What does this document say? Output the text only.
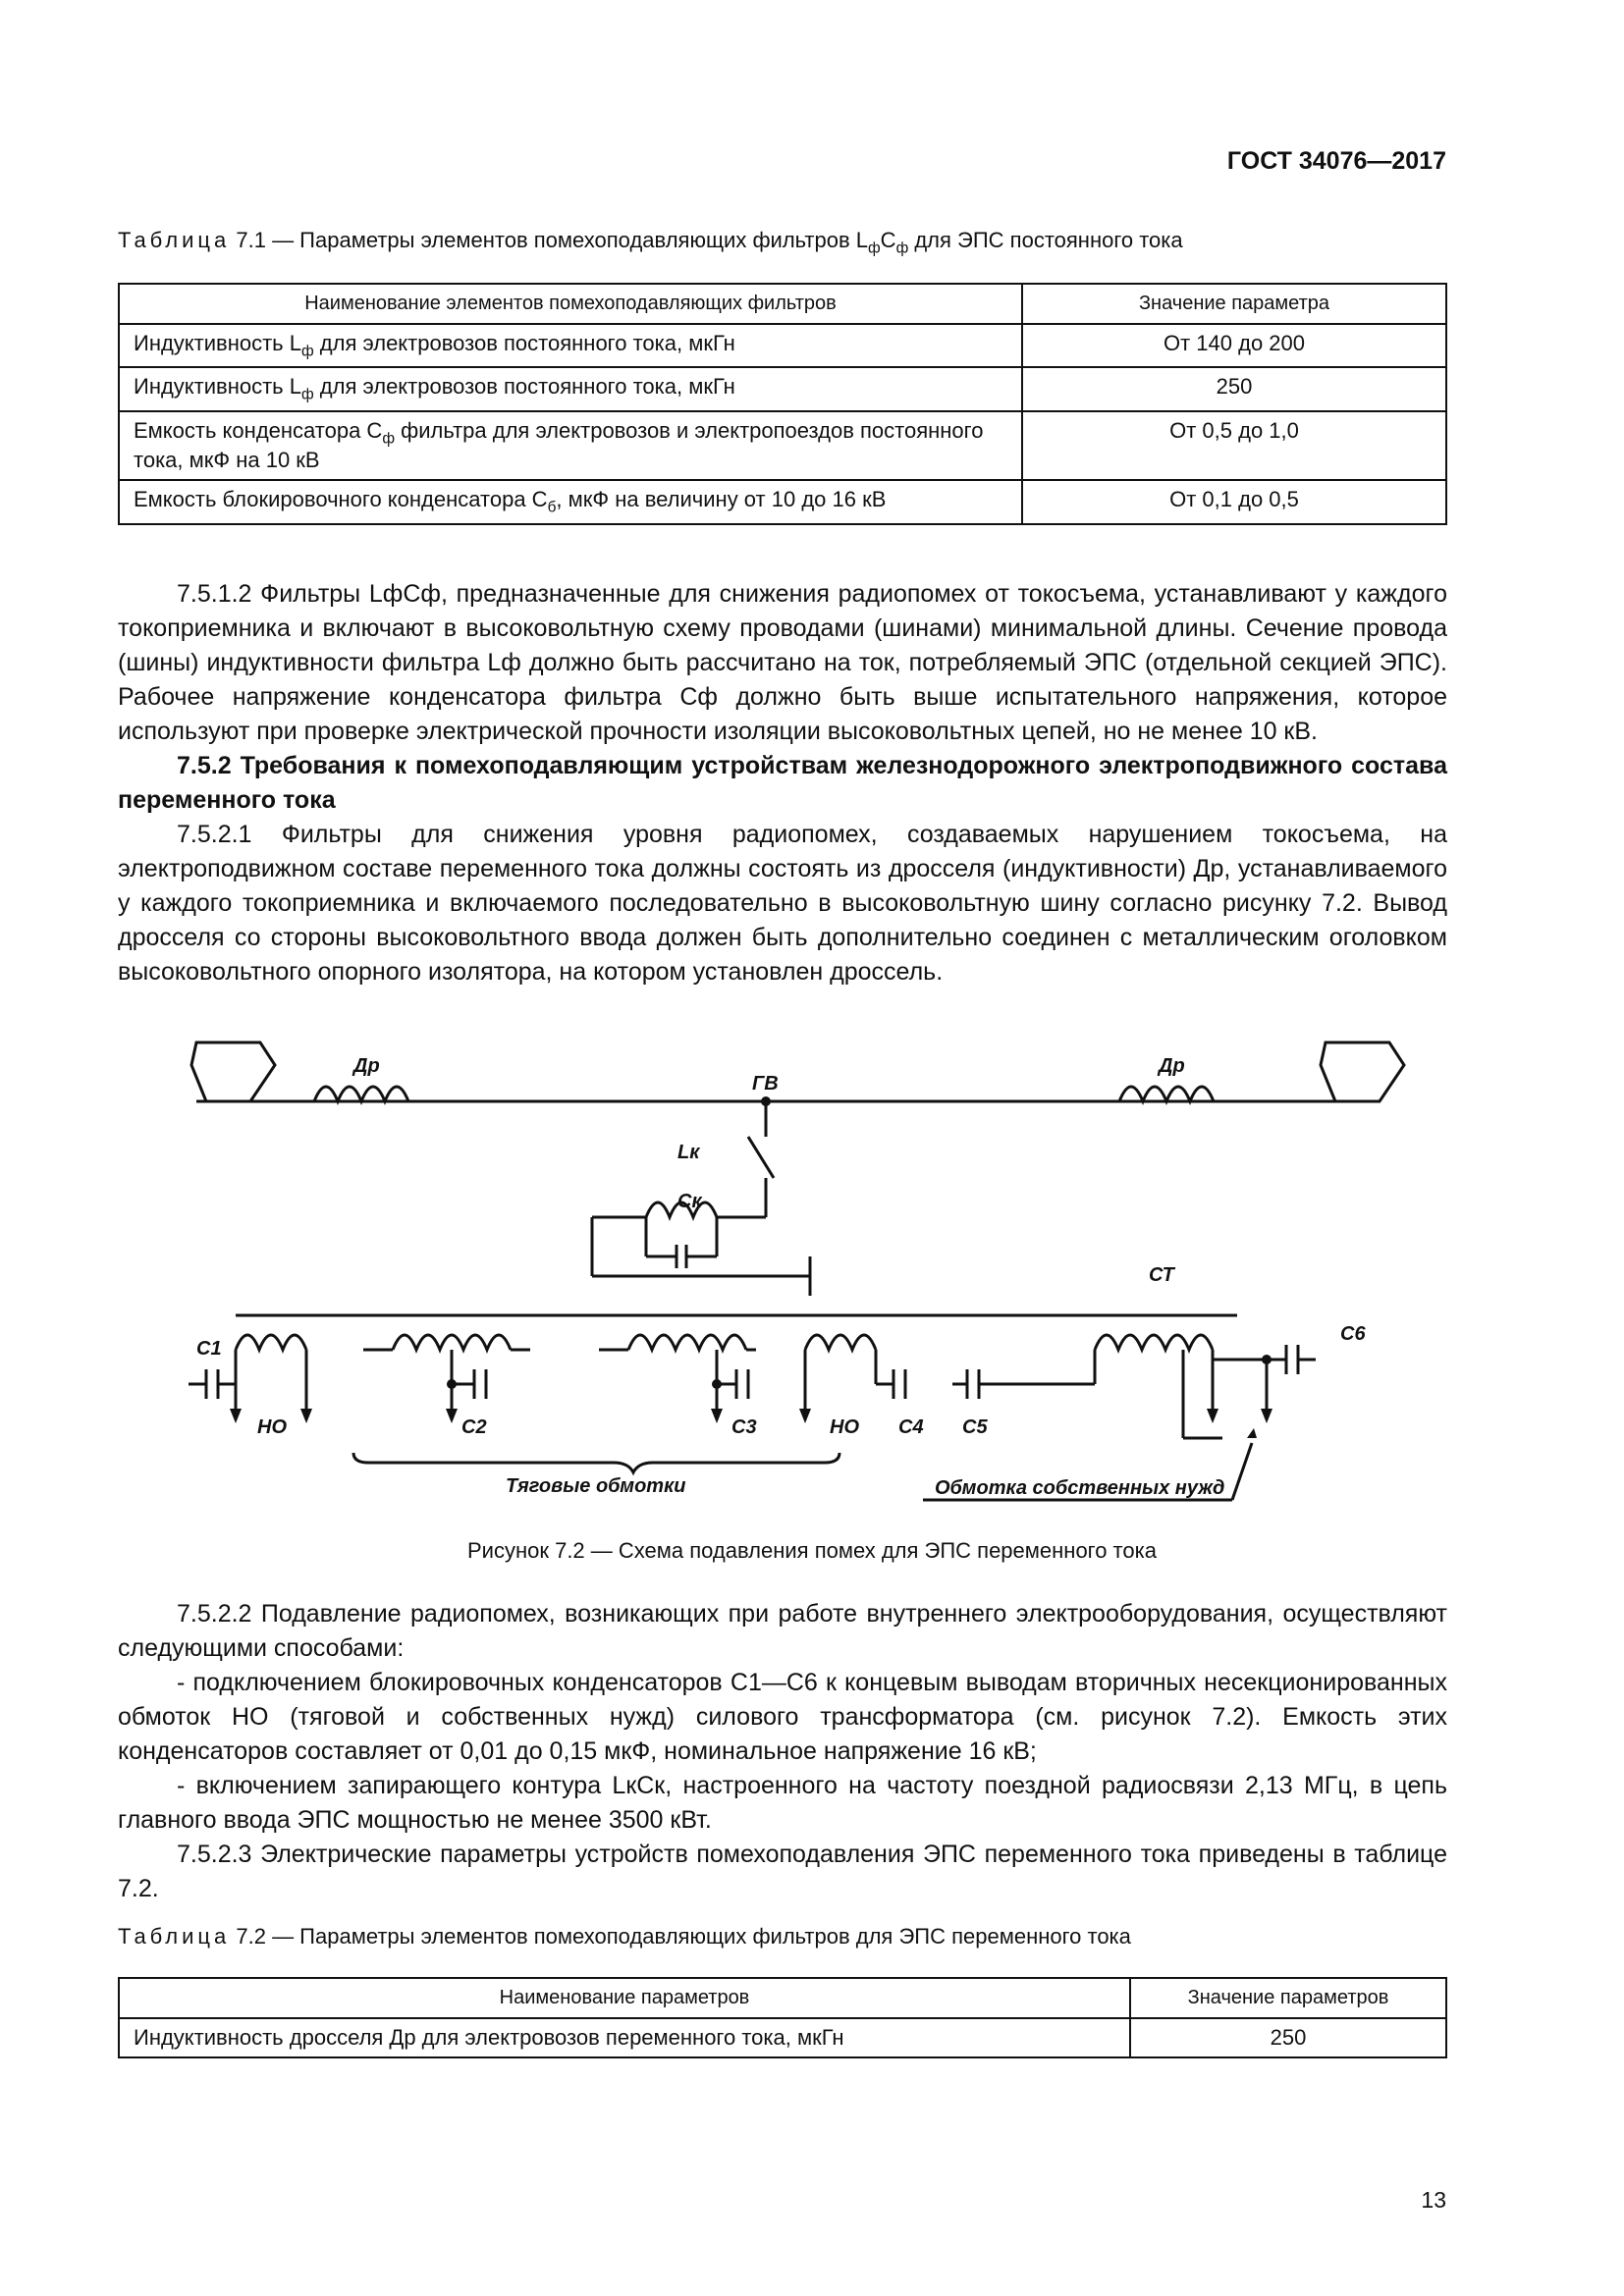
ГОСТ 34076—2017
Таблица 7.1 — Параметры элементов помехоподавляющих фильтров $L_фC_ф$ для ЭПС постоянного тока
Наименование элементов помехоподавляющих фильтров	Значение параметра
Индуктивность $L_ф$ для электровозов постоянного тока, мкГн	От 140 до 200
Индуктивность $L_ф$ для электровозов постоянного тока, мкГн	250
Емкость конденсатора $C_ф$ фильтра для электровозов и электропоездов постоянного тока, мкФ на 10 кВ	От 0,5 до 1,0
Емкость блокировочного конденсатора $C_б$, мкФ на величину от 10 до 16 кВ	От 0,1 до 0,5

7.5.1.2 Фильтры LфCф, предназначенные для снижения радиопомех от токосъема, устанавливают у каждого токоприемника и включают в высоковольтную схему проводами (шинами) минимальной длины. Сечение провода (шины) индуктивности фильтра Lф должно быть рассчитано на ток, потребляемый ЭПС (отдельной секцией ЭПС). Рабочее напряжение конденсатора фильтра Cф должно быть выше испытательного напряжения, которое используют при проверке электрической прочности изоляции высоковольтных цепей, но не менее 10 кВ.

7.5.2 Требования к помехоподавляющим устройствам железнодорожного электроподвижного состава переменного тока

7.5.2.1 Фильтры для снижения уровня радиопомех, создаваемых нарушением токосъема, на электроподвижном составе переменного тока должны состоять из дросселя (индуктивности) Др, устанавливаемого у каждого токоприемника и включаемого последовательно в высоковольтную шину согласно рисунку 7.2. Вывод дросселя со стороны высоковольтного ввода должен быть дополнительно соединен с металлическим оголовком высоковольтного опорного изолятора, на котором установлен дроссель.

Др	Др
ГВ
Lк
Cк
СТ
C1
C2	C3	C4 C5
C6
НО	НО
Тяговые обмотки	Обмотка собственных нужд
Рисунок 7.2 — Схема подавления помех для ЭПС переменного тока

7.5.2.2 Подавление радиопомех, возникающих при работе внутреннего электрооборудования, осуществляют следующими способами:

- подключением блокировочных конденсаторов C1—C6 к концевым выводам вторичных несекционированных обмоток НО (тяговой и собственных нужд) силового трансформатора (см. рисунок 7.2). Емкость этих конденсаторов составляет от 0,01 до 0,15 мкФ, номинальное напряжение 16 кВ;

- включением запирающего контура LкCк, настроенного на частоту поездной радиосвязи 2,13 МГц, в цепь главного ввода ЭПС мощностью не менее 3500 кВт.

7.5.2.3 Электрические параметры устройств помехоподавления ЭПС переменного тока приведены в таблице 7.2.

Таблица 7.2 — Параметры элементов помехоподавляющих фильтров для ЭПС переменного тока
Наименование параметров	Значение параметров
Индуктивность дросселя Др для электровозов переменного тока, мкГн	250
13
